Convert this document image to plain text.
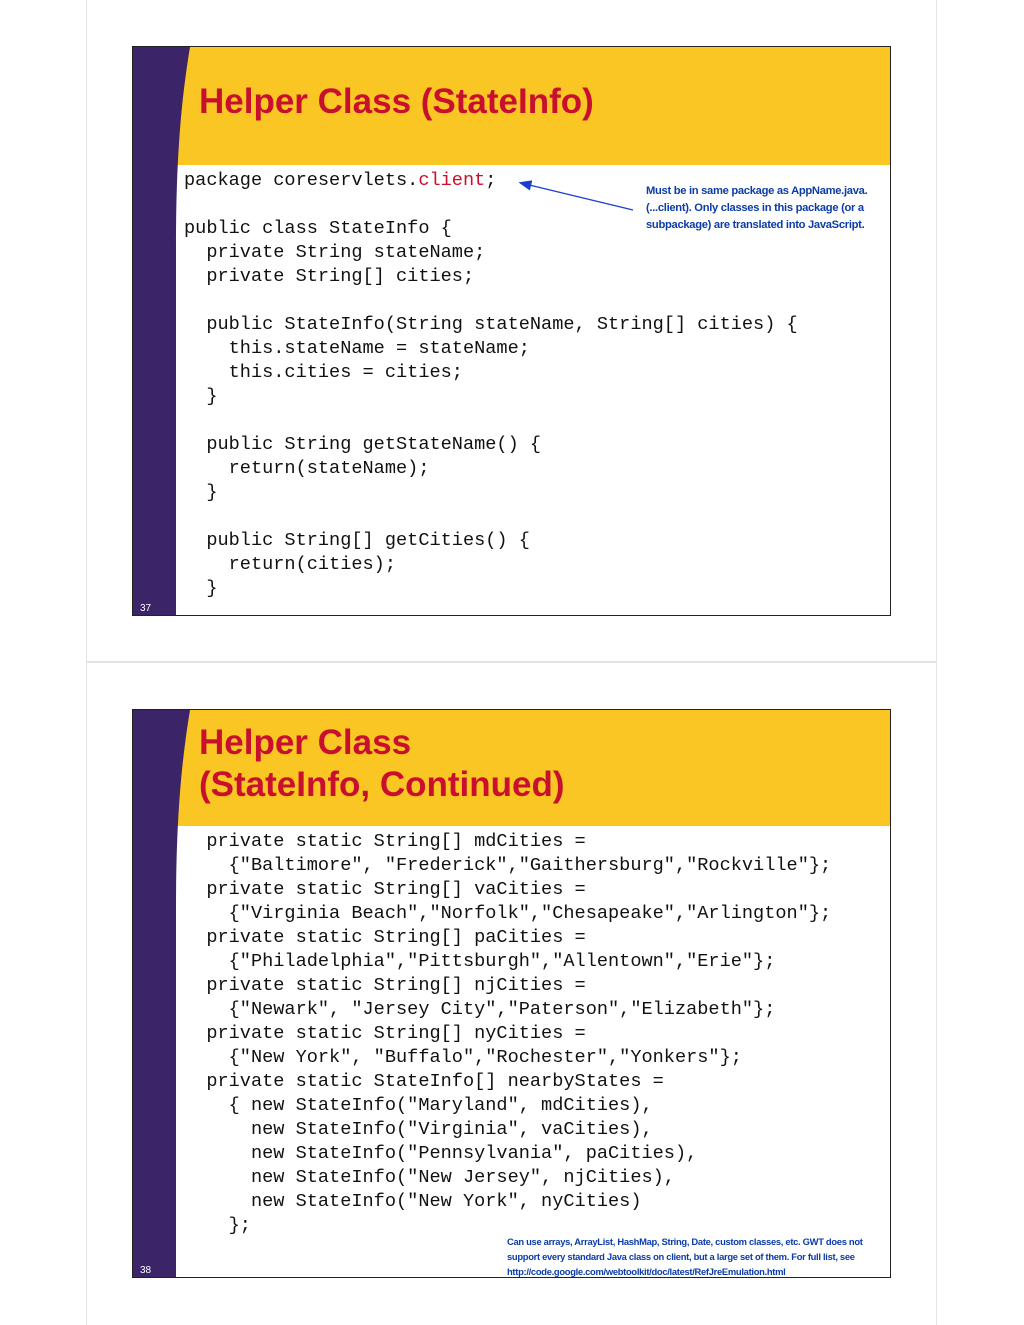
Helper Class (StateInfo)
package coreservlets.client;
public class StateInfo {
private String stateName;
private String[] cities;
public StateInfo(String stateName, String[] cities) {
this.stateName = stateName;
this.cities = cities;
}
public String getStateName() {
return(stateName);
}
public String[] getCities() {
return(cities);
}
Must be in same package as AppName.java.
(...client). Only classes in this package (or a
subpackage) are translated into JavaScript.
37
Helper Class
(StateInfo, Continued)
private static String[] mdCities =
{"Baltimore", "Frederick","Gaithersburg","Rockville"};
private static String[] vaCities =
{"Virginia Beach","Norfolk","Chesapeake","Arlington"};
private static String[] paCities =
{"Philadelphia","Pittsburgh","Allentown","Erie"};
private static String[] njCities =
{"Newark", "Jersey City","Paterson","Elizabeth"};
private static String[] nyCities =
{"New York", "Buffalo","Rochester","Yonkers"};
private static StateInfo[] nearbyStates =
{ new StateInfo("Maryland", mdCities),
new StateInfo("Virginia", vaCities),
new StateInfo("Pennsylvania", paCities),
new StateInfo("New Jersey", njCities),
new StateInfo("New York", nyCities)
};
Can use arrays, ArrayList, HashMap, String, Date, custom classes, etc. GWT does not
support every standard Java class on client, but a large set of them. For full list, see
http://code.google.com/webtoolkit/doc/latest/RefJreEmulation.html
38
